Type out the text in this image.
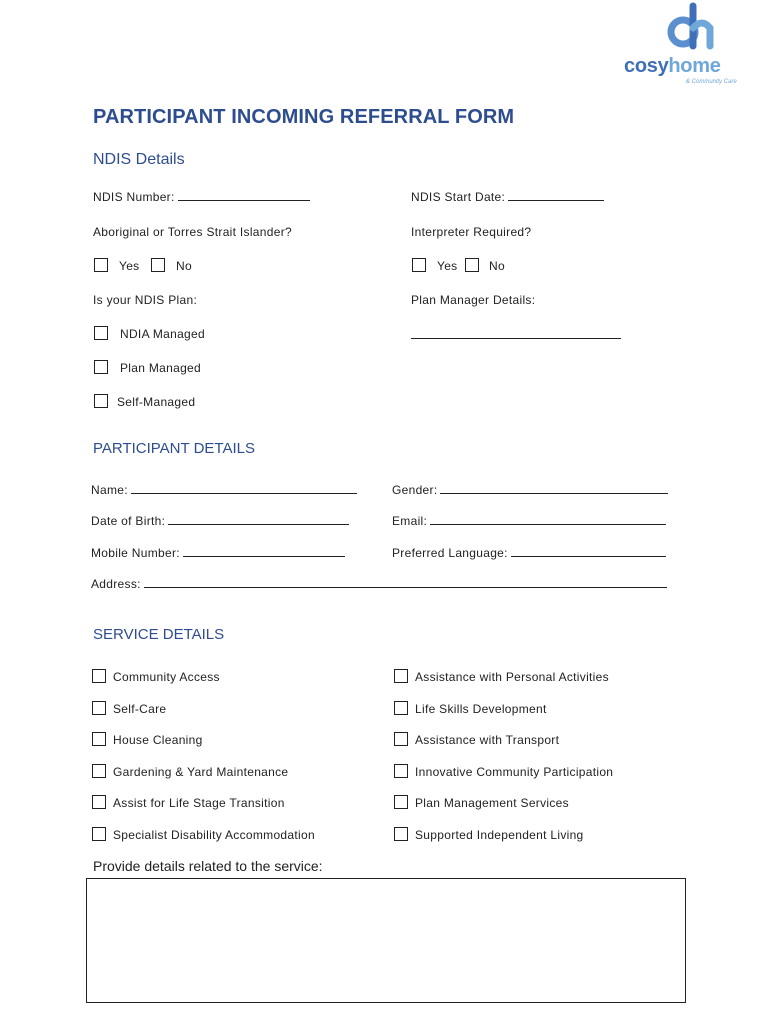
cosyhome
& Community Care
PARTICIPANT INCOMING REFERRAL FORM
NDIS Details
NDIS Number:	NDIS Start Date:
Aboriginal or Torres Strait Islander?	Interpreter Required?
Yes	No	Yes	No
Is your NDIS Plan:	Plan Manager Details:
NDIA Managed
Plan Managed
Self-Managed
PARTICIPANT DETAILS
Name:	Gender:
Date of Birth:	Email:
Mobile Number:	Preferred Language:
Address:
SERVICE DETAILS
Community Access
Self-Care
House Cleaning
Gardening & Yard Maintenance
Assist for Life Stage Transition
Specialist Disability Accommodation
Assistance with Personal Activities
Life Skills Development
Assistance with Transport
Innovative Community Participation
Plan Management Services
Supported Independent Living
Provide details related to the service:
